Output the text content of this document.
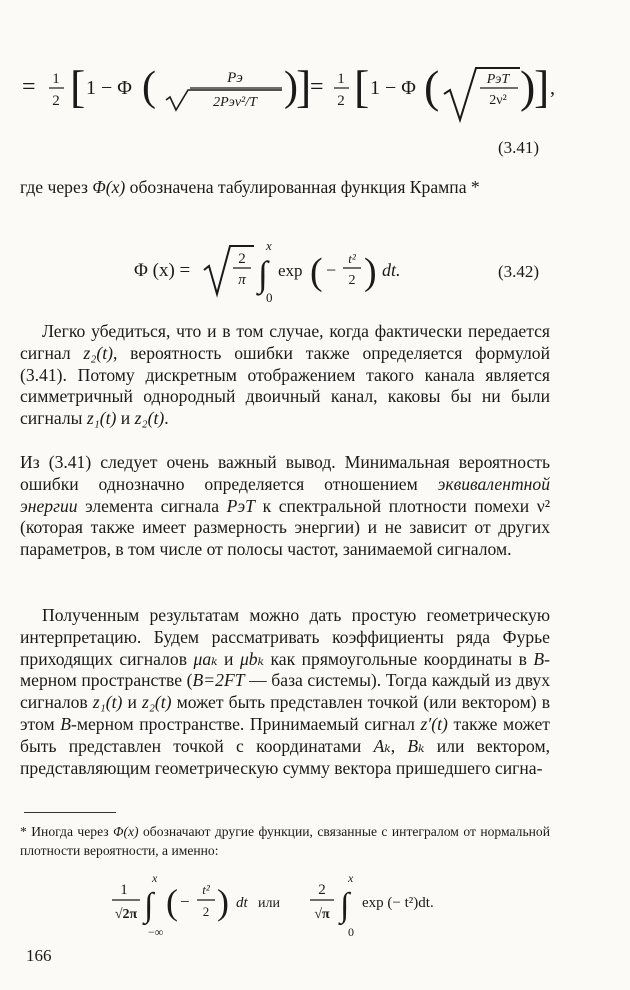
= 1
2 [ 1 − Φ (	Pэ
2Pэν²/T )
]
= 1
2 [ 1 − Φ (	PэT
2ν² )
] ,
(3.41)

где через Φ(x) обозначена табулированная функция Крампа *

Φ (x) =
2
π
x
∫
0
exp ( −
t²
2 ) dt.	(3.42)

Легко убедиться, что и в том случае, когда фактически передается сигнал z₂(t), вероятность ошибки также определяется формулой (3.41). Потому дискретным отображением такого канала является симметричный однородный двоичный канал, каковы бы ни были сигналы z₁(t) и z₂(t).

Из (3.41) следует очень важный вывод. Минимальная вероятность ошибки однозначно определяется отношением эквивалентной энергии элемента сигнала PэT к спектральной плотности помехи ν² (которая также имеет размерность энергии) и не зависит от других параметров, в том числе от полосы частот, занимаемой сигналом.

Полученным результатам можно дать простую геометрическую интерпретацию. Будем рассматривать коэффициенты ряда Фурье приходящих сигналов μaₖ и μbₖ как прямоугольные координаты в B-мерном пространстве (B=2FT — база системы). Тогда каждый из двух сигналов z₁(t) и z₂(t) может быть представлен точкой (или вектором) в этом B-мерном пространстве. Принимаемый сигнал z′(t) также может быть представлен точкой с координатами Aₖ, Bₖ или вектором, представляющим геометрическую сумму вектора пришедшего сигна-

* Иногда через Φ(x) обозначают другие функции, связанные с интегралом от нормальной плотности вероятности, а именно:

1
√2π
x
∫
−∞
( −
t²
2 ) dt или
2
√π
x
∫
0
exp (− t²)dt.
166
